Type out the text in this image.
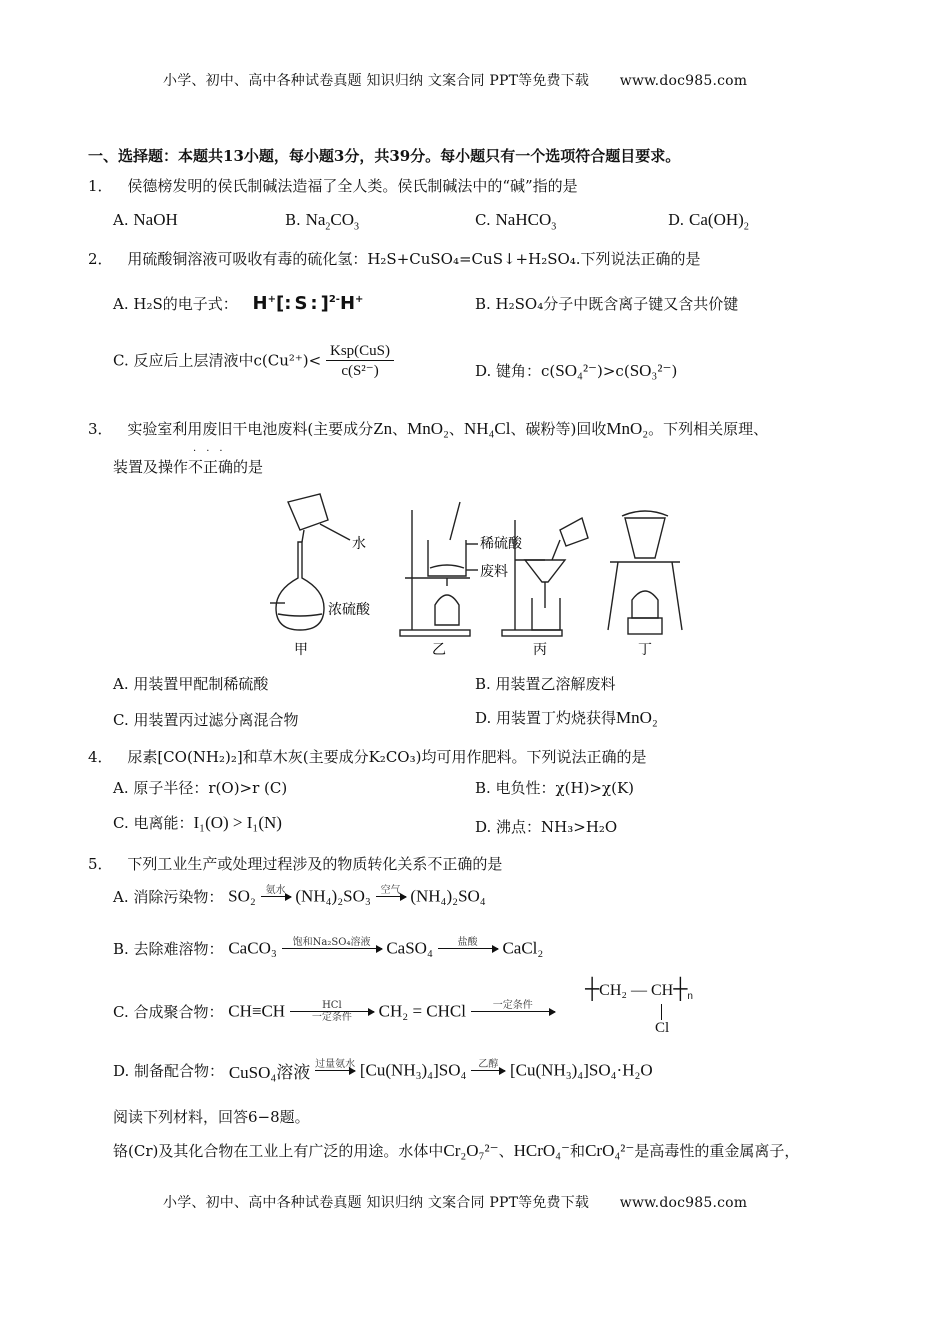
小学、初中、高中各种试卷真题 知识归纳 文案合同 PPT等免费下载 www.doc985.com
一、选择题：本题共13小题，每小题3分，共39分。每小题只有一个选项符合题目要求。
1． 侯德榜发明的侯氏制碱法造福了全人类。侯氏制碱法中的“碱”指的是
A. NaOH	B. $Na_2CO_3$	C. NaHCO$_3$	D. $Ca(OH)_2$
2． 用硫酸铜溶液可吸收有毒的硫化氢：H₂S+CuSO₄=CuS↓+H₂SO₄.下列说法正确的是
A. H₂S的电子式： H+[:S:]$^{2-}$H+	B. H₂SO₄分子中既含离子键又含共价键
C. 反应后上层清液中$c(Cu^{2+})< \frac{\text{Ksp(CuS)}}{\text{c(S²⁻)}}$	D. 键角：c(SO₄²⁻)>c(SO₃²⁻)
3． 实验室利用废旧干电池废料(主要成分Zn、MnO₂、NH₄Cl、碳粉等)回收MnO₂。下列相关原理、
装置及操作不正确
···
的是
水
浓硫酸
稀硫酸
废料
甲	乙	丙	丁
A. 用装置甲配制稀硫酸	B. 用装置乙溶解废料
C. 用装置丙过滤分离混合物	D. 用装置丁灼烧获得MnO₂
4． 尿素[CO(NH₂)₂]和草木灰(主要成分K₂CO₃)均可用作肥料。下列说法正确的是
A. 原子半径：r(O)>r (C)	B. 电负性：χ(H)>χ(K)
C. 电离能：I₁(O) > I₁(N)	D. 沸点：NH₃>H₂O
5． 下列工业生产或处理过程涉及的物质转化关系不正确的是
A. 消除污染物： SO₂ 氨水 (NH₄)₂SO₃ 空气 (NH₄)₂SO₄
B. 去除难溶物： CaCO₃	饱和Na₂SO₄溶液 CaSO₄	盐酸	CaCl₂
C. 合成聚合物： CH≡CH	HCl
一定条件	CH₂ = CHCl	一定条件
┼CH₂ — $CH┼_n$
Cl
D. 制备配合物： CuSO₄溶液 过量氨水 [Cu(NH₃)₄]SO₄	乙醇 [Cu(NH₃)₄]SO₄·H₂O
阅读下列材料，回答6−8题。
铬(Cr)及其化合物在工业上有广泛的用途。水体中Cr₂O₇²⁻、HCrO₄⁻和CrO₄²⁻是高毒性的重金属离子，
小学、初中、高中各种试卷真题 知识归纳 文案合同 PPT等免费下载 www.doc985.com
